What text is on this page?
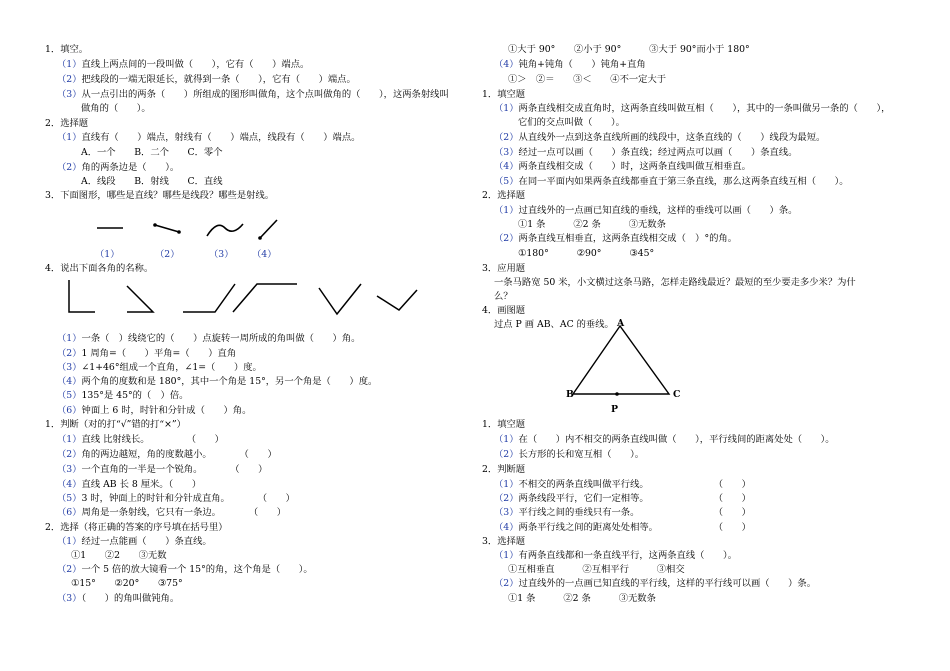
（1）	（2）	（3） （4）
1．填空。
（1）直线上两点间的一段叫做（　　），它有（　　）端点。
（2）把线段的一端无限延长，就得到一条（　　），它有（　　）端点。
（3）从一点引出的两条（　　）所组成的图形叫做角，这个点叫做角的（　　），这两条射线叫
做角的（　　）。
2．选择题
（1）直线有（　　）端点，射线有（　　）端点，线段有（　　）端点。
A．一个　　B．二个　　C．零个
（2）角的两条边是（　　）。
A．线段　　B．射线　　C．直线
3．下面图形，哪些是直线？哪些是线段？哪些是射线。
4．说出下面各角的名称。
（1）一条（　）线绕它的（　　）点旋转一周所成的角叫做（　　）角。
（2）1 周角=（　　）平角=（　　）直角
（3）∠1+46°组成一个直角，∠1=（　　）度。
（4）两个角的度数和是 180°，其中一个角是 15°，另一个角是（　　）度。
（5）135°是 45°的（　）倍。
（6）钟面上 6 时，时针和分针成（　　）角。
1．判断（对的打“√”错的打“×”）
（1）直线 比射线长。　　　　　（　　）
（2）角的两边越短，角的度数越小。　　　　（　　）
（3）一个直角的一半是一个锐角。　　　　（　　）
（4）直线 AB 长 8 厘米。（　　）
（5）3 时，钟面上的时针和分针成直角。　　　　（　　）
（6）周角是一条射线，它只有一条边。　　　　（　　）
2．选择（将正确的答案的序号填在括号里）
（1）经过一点能画（　　）条直线。
①1　　②2　　③无数
（2）一个 5 倍的放大镜看一个 15°的角，这个角是（　　）。
①15°　　②20°　　③75°
（3）（　　）的角叫做钝角。
A
B	C
P
①大于 90°　　②小于 90°　　　③大于 90°而小于 180°
（4）钝角+钝角（　　）钝角+直角
①＞　②＝　　③＜　　④不一定大于
1．填空题
（1）两条直线相交成直角时，这两条直线叫做互相（　　），其中的一条叫做另一条的（　　），
它们的交点叫做（　　）。
（2）从直线外一点到这条直线所画的线段中，这条直线的（　　）线段为最短。
（3）经过一点可以画（　　）条直线；经过两点可以画（　　）条直线。
（4）两条直线相交成（　　）时，这两条直线叫做互相垂直。
（5）在同一平面内如果两条直线都垂直于第三条直线，那么这两条直线互相（　　）。
2．选择题
（1）过直线外的一点画已知直线的垂线，这样的垂线可以画（　　）条。
①1 条　　　②2 条　　　③无数条
（2）两条直线互相垂直，这两条直线相交成（　）°的角。
①180°　　　②90°　　　③45°
3．应用题
一条马路宽 50 米，小文横过这条马路，怎样走路线最近？最短的至少要走多少米？为什
么？
4．画图题
过点 P 画 AB、AC 的垂线。
1．填空题
（1）在（　　）内不相交的两条直线叫做（　　），平行线间的距离处处（　　）。
（2）长方形的长和宽互相（　　）。
2．判断题
（1）不相交的两条直线叫做平行线。　　　　　　　　（　　）
（2）两条线段平行，它们一定相等。　　　　　　　　（　　）
（3）平行线之间的垂线只有一条。　　　　　　　　　（　　）
（4）两条平行线之间的距离处处相等。　　　　　　　（　　）
3．选择题
（1）有两条直线都和一条直线平行，这两条直线（　　）。
①互相垂直　　　②互相平行　　　③相交
（2）过直线外的一点画已知直线的平行线，这样的平行线可以画（　　）条。
①1 条　　　②2 条　　　③无数条
